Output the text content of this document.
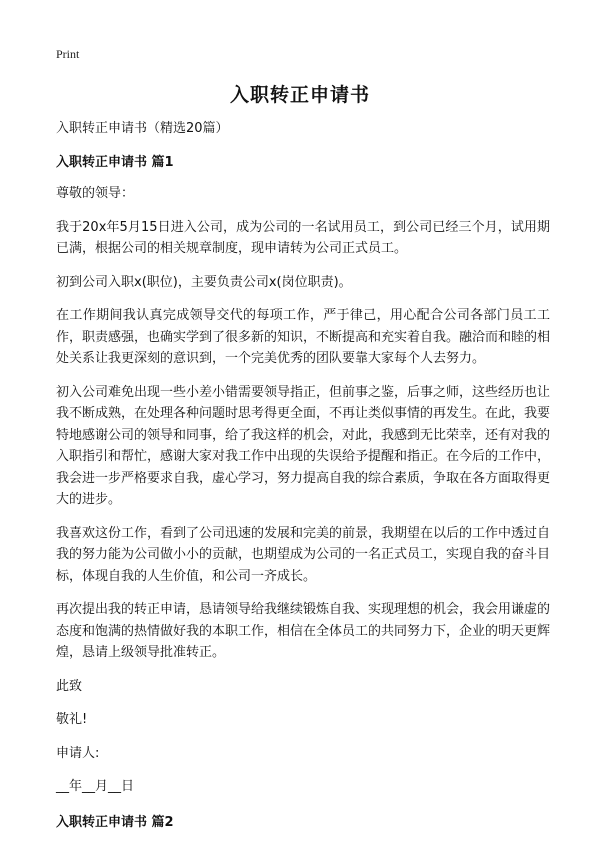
Print
入职转正申请书

入职转正申请书（精选20篇）

入职转正申请书 篇1

尊敬的领导：

我于20x年5月15日进入公司，成为公司的一名试用员工，到公司已经三个月，试用期已满，根据公司的相关规章制度，现申请转为公司正式员工。

初到公司入职x(职位)，主要负责公司x(岗位职责)。

在工作期间我认真完成领导交代的每项工作，严于律己，用心配合公司各部门员工工作，职责感强，也确实学到了很多新的知识，不断提高和充实着自我。融洽而和睦的相处关系让我更深刻的意识到，一个完美优秀的团队要靠大家每个人去努力。

初入公司难免出现一些小差小错需要领导指正，但前事之鉴，后事之师，这些经历也让我不断成熟，在处理各种问题时思考得更全面，不再让类似事情的再发生。在此，我要特地感谢公司的领导和同事，给了我这样的机会，对此，我感到无比荣幸，还有对我的入职指引和帮忙，感谢大家对我工作中出现的失误给予提醒和指正。在今后的工作中，我会进一步严格要求自我，虚心学习，努力提高自我的综合素质，争取在各方面取得更大的进步。

我喜欢这份工作，看到了公司迅速的发展和完美的前景，我期望在以后的工作中透过自我的努力能为公司做小小的贡献，也期望成为公司的一名正式员工，实现自我的奋斗目标，体现自我的人生价值，和公司一齐成长。

再次提出我的转正申请，恳请领导给我继续锻炼自我、实现理想的机会，我会用谦虚的态度和饱满的热情做好我的本职工作，相信在全体员工的共同努力下，企业的明天更辉煌，恳请上级领导批准转正。

此致

敬礼!

申请人:

__年__月__日

入职转正申请书 篇2
